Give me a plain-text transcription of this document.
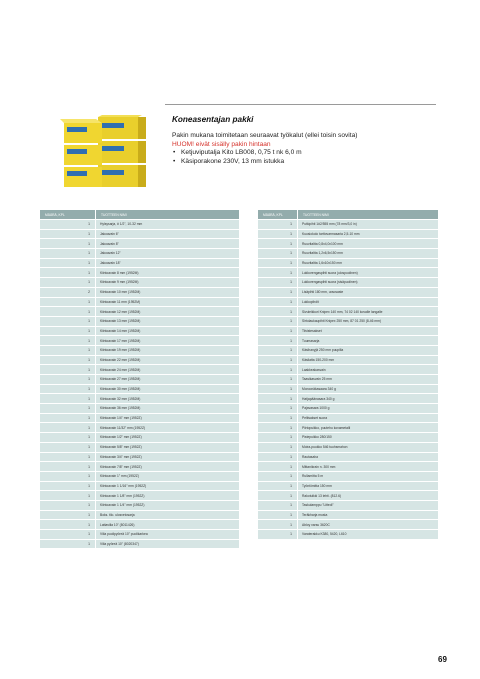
Koneasentajan pakki
Pakin mukana toimitetaan seuraavat työkalut (ellei toisin sovita)
HUOM! eivät sisälly pakin hintaan
• Ketjuviputalja Kito LB008, 0,75 t nk 6,0 m
• Käsiporakone 230V, 13 mm istukka
MÄÄRÄ, KPL	TUOTTEEN NIMI
1	Hylsysarja, # 1/2", 10-32 mm
1	Jakoavain 6"
1	Jakoavain 8"
1	Jakoavain 12"
1	Jakoavain 18"
1	Kiintoavain 8 mm (1952M)
1	Kiintoavain 9 mm (1952M)
2	Kiintoavain 10 mm (1952M)
1	Kiintoavain 11 mm (1952M)
1	Kiintoavain 12 mm (1952M)
1	Kiintoavain 13 mm (1952M)
1	Kiintoavain 14 mm (1952M)
1	Kiintoavain 17 mm (1952M)
1	Kiintoavain 19 mm (1952M)
1	Kiintoavain 22 mm (1952M)
1	Kiintoavain 24 mm (1952M)
1	Kiintoavain 27 mm (1952M)
1	Kiintoavain 30 mm (1952M)
1	Kiintoavain 32 mm (1952M)
1	Kiintoavain 36 mm (1952M)
1	Kiintoavain 1/4" mm (1952Z)
1	Kiintoavain 11/32" mm (1952Z)
1	Kiintoavain 1/2" mm (1952Z)
1	Kiintoavain 5/8" mm (1952Z)
1	Kiintoavain 3/4" mm (1952Z)
1	Kiintoavain 7/8" mm (1952Z)
1	Kiintoavain 1" mm (1952Z)
1	Kiintoavain 1 1/16" mm (1952Z)
1	Kiintoavain 1 1/8" mm (1952Z)
1	Kiintoavain 1 1/4" mm (1952Z)
1	Boks. tilo. ulosvetosarja
1	Lattaviila 10" (8011426)
1	Viila puolipyöreä 10" puolikarkea
1	Viila pyöreä 10" (8020347)
MÄÄRÄ, KPL	TUOTTEEN NIMI
1	Putkipihti 1#2/555 mm (78 mm/3,0 in)
1	Kuusiokolo tarttovarmasaria 2,5-10 mm
1	Ruuvitaltta 0,8x4,0x100 mm
1	Ruuvitaltta 1,2x6,5x150 mm
1	Ruuvitaltta 1,6x10x150 mm
1	Lukkorengaspihti suora (ulospuolinen)
1	Lukkorengaspihti suora (sisäpuolinen)
1	Lisäpihti 180 mm, uraosaste
1	Lukkopihdit
1	Sivuleikkuri Knipex 140 mm, 74 02 140 kovalle langalle
1	Sirtolaukaupihti Knipex 250 mm, 87 01 250 (8-46 mm)
1	Tiivistesakset
1	Tuumasarja
1	Käsihanyjä 250 mm puupilla
1	Käsilatta 150-200 mm
1	Laakkeakasvain
1	Taasikasvain 25 mm
1	Moroonäkasaara 340 g
1	Hatjapäänasara 340 g
1	Pajavasara 1000 g
1	Peltisakset suora
1	Piirtopuikko, puutehu kovametalli
1	Pistepuikko 280/150
1	Moira-puukko 546 tuuhsmahon
1	Rautasaha
1	Mittanikrain n. 300 mm
1	Rullamitta 5 m
1	Työntömitta 150 mm
1	Rakotulkki 13 lehti. (812.6)
1	Taskulamppu "Littedi"
1	Teräkharja musta
1	Abloy varsu 3620C
1	Varaterakku K380, 5420, L610
69
